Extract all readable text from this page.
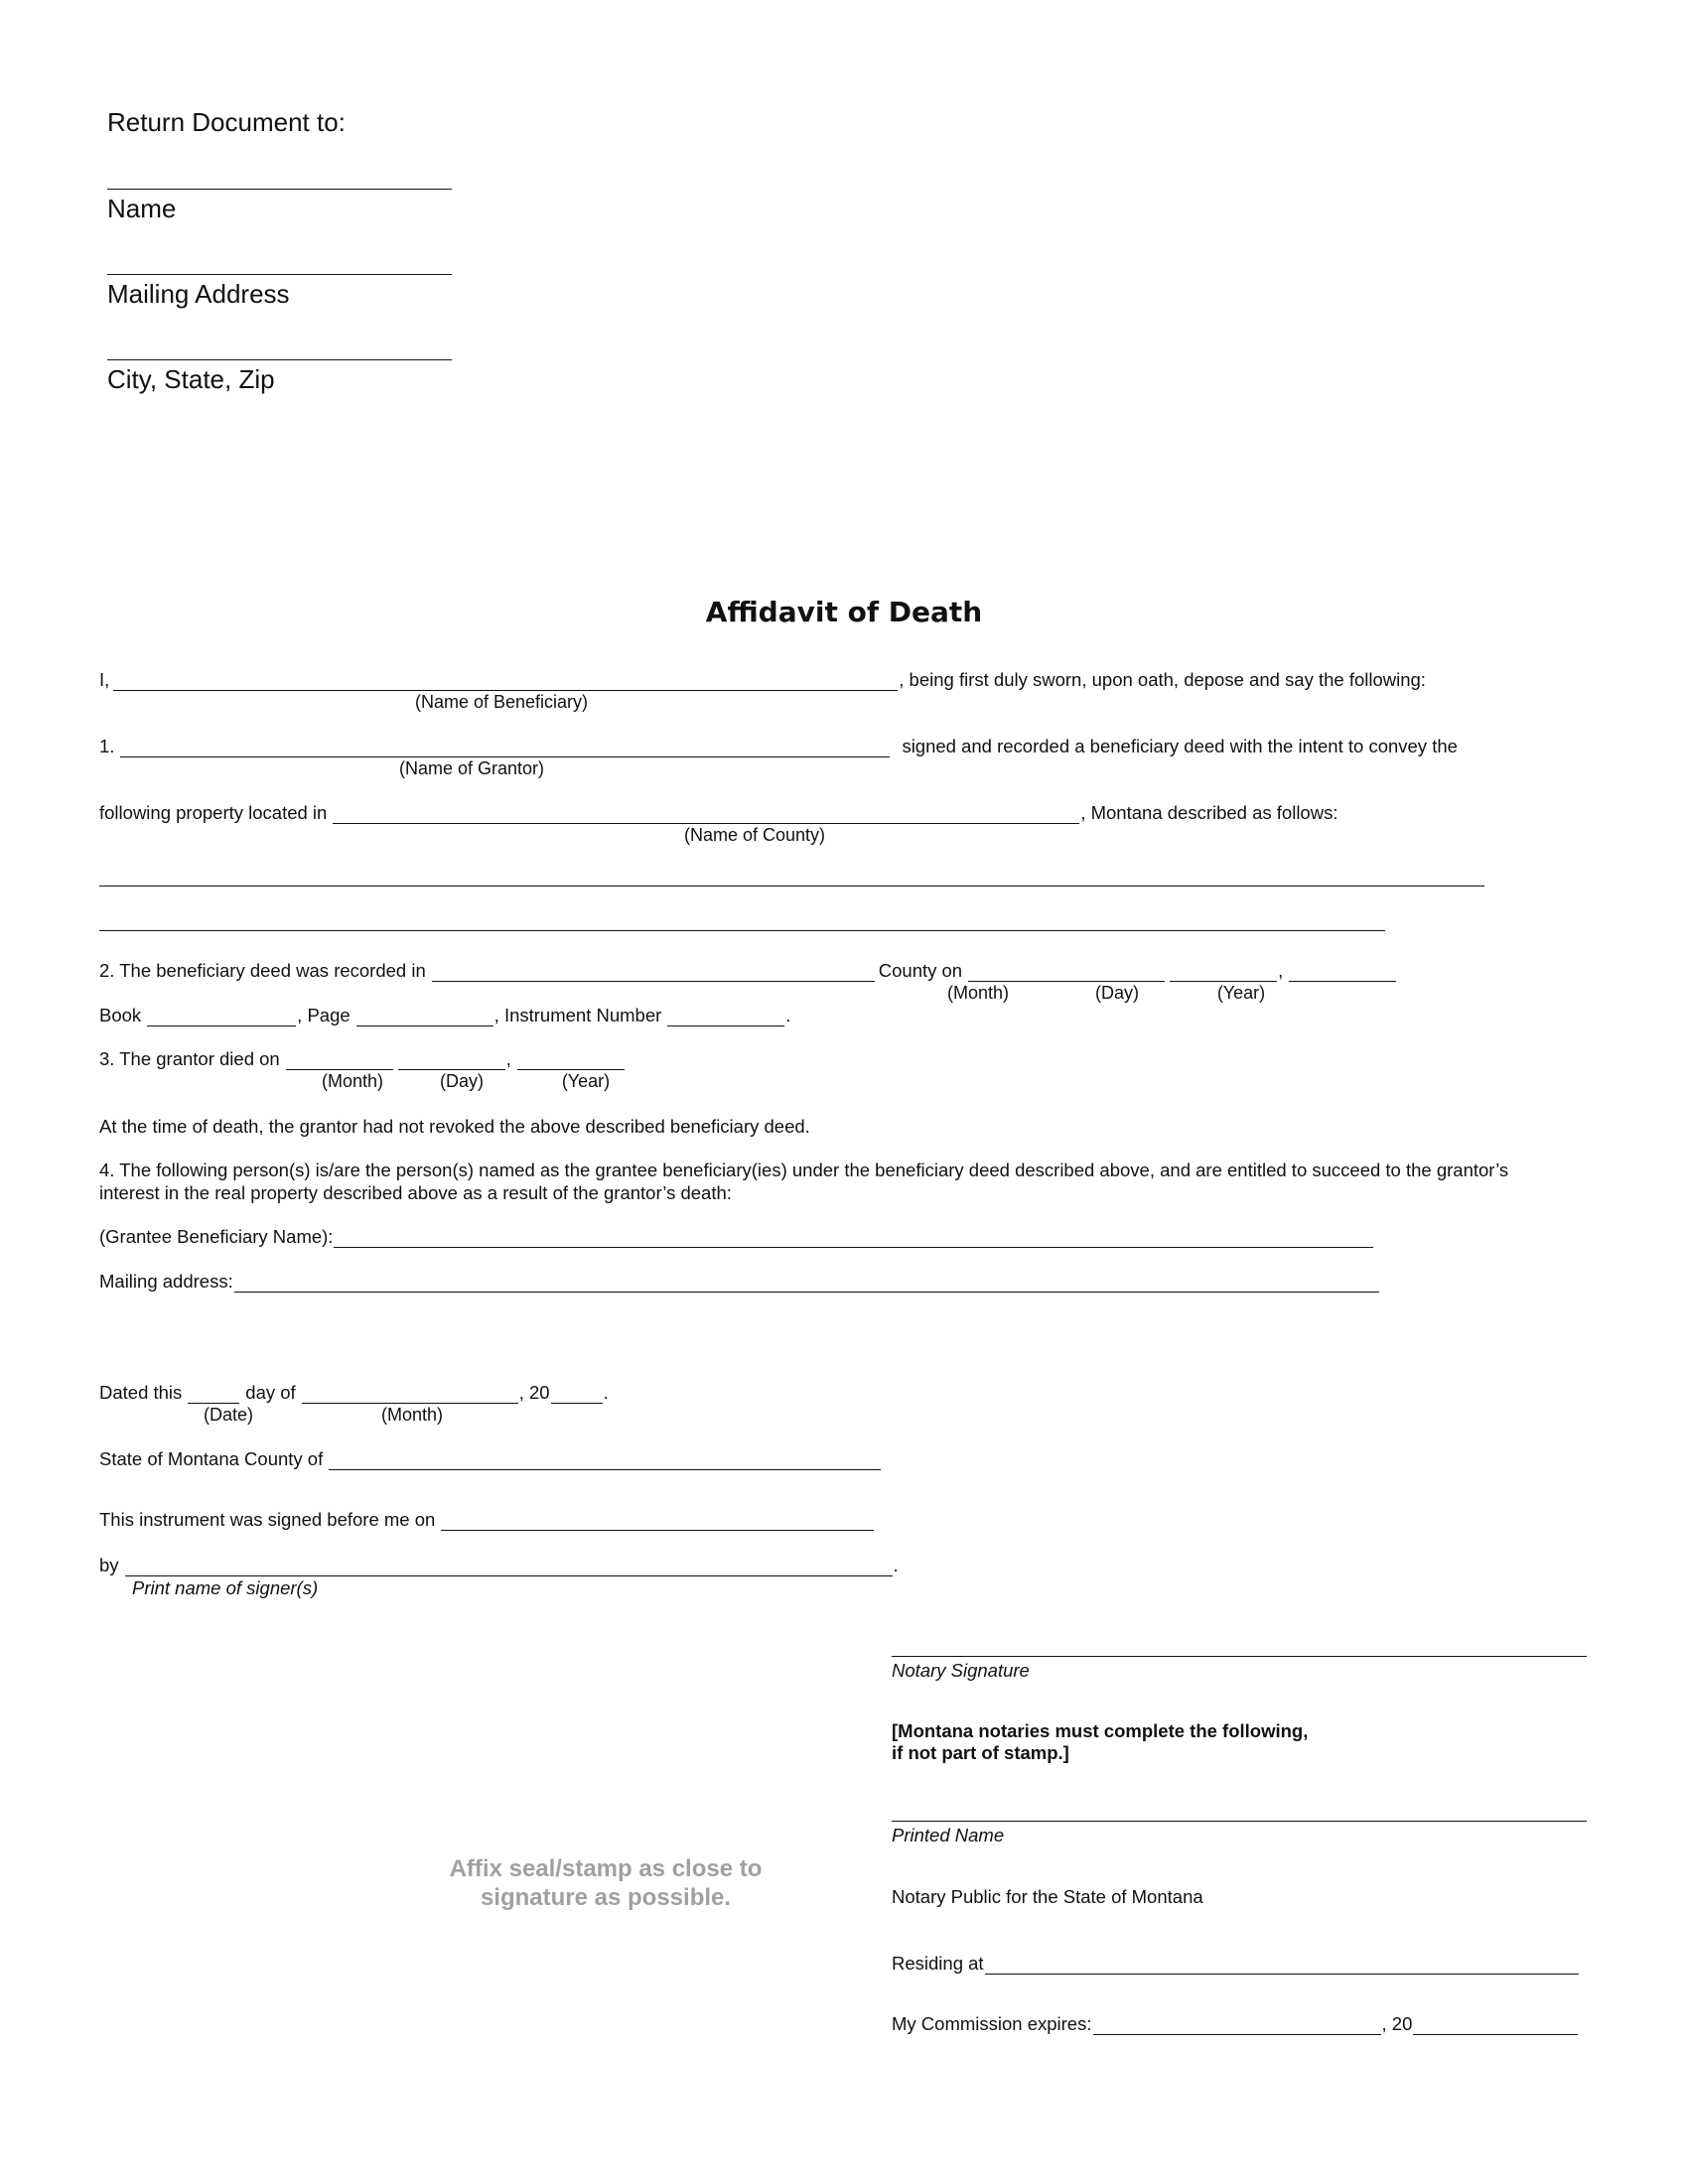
Return Document to:
Name
Mailing Address
City, State, Zip
Affidavit of Death
I,	, being first duly sworn, upon oath, depose and say the following:
(Name of Beneficiary)
1.	signed and recorded a beneficiary deed with the intent to convey the
(Name of Grantor)
following property located in	, Montana described as follows:
(Name of County)
2. The beneficiary deed was recorded in	County on	,
(Month)	(Day)	(Year)
Book	, Page	, Instrument Number	.
3. The grantor died on	,
(Month)	(Day)	(Year)
At the time of death, the grantor had not revoked the above described beneficiary deed.
4. The following person(s) is/are the person(s) named as the grantee beneficiary(ies) under the beneficiary deed described above, and are entitled to succeed to the grantor’s
interest in the real property described above as a result of the grantor’s death:
(Grantee Beneficiary Name):
Mailing address:
Dated this	day of	, 20	.
(Date)	(Month)
State of Montana County of
This instrument was signed before me on
by	.
Print name of signer(s)
Notary Signature
[Montana notaries must complete the following,
if not part of stamp.]
Printed Name
Notary Public for the State of Montana
Residing at
My Commission expires:	, 20
Affix seal/stamp as close to
signature as possible.
